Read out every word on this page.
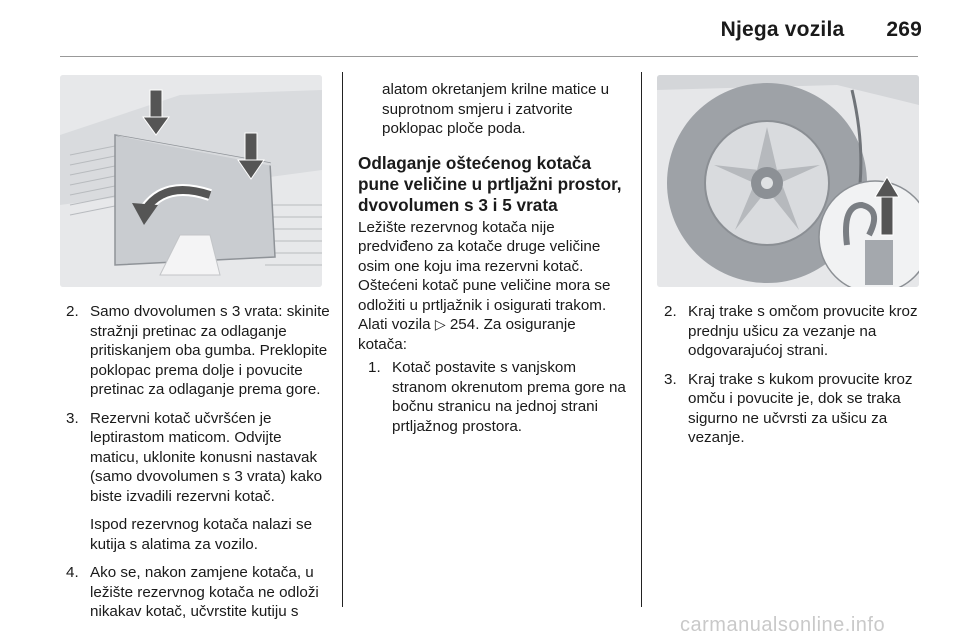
Njega vozila 269
2. Samo dvovolumen s 3 vrata: skinite stražnji pretinac za odlaganje pritiskanjem oba gumba. Preklopite poklopac prema dolje i povucite pretinac za odlaganje prema gore.
3. Rezervni kotač učvršćen je leptirastom maticom. Odvijte maticu, uklonite konusni nastavak (samo dvovolumen s 3 vrata) kako biste izvadili rezervni kotač.
Ispod rezervnog kotača nalazi se kutija s alatima za vozilo.
4. Ako se, nakon zamjene kotača, u ležište rezervnog kotača ne odloži nikakav kotač, učvrstite kutiju s
alatom okretanjem krilne matice u suprotnom smjeru i zatvorite poklopac ploče poda.
Odlaganje oštećenog kotača pune veličine u prtljažni prostor, dvovolumen s 3 i 5 vrata

Ležište rezervnog kotača nije

predviđeno za kotače druge veličine

osim one koju ima rezervni kotač.

Oštećeni kotač pune veličine mora se

odložiti u prtljažnik i osigurati trakom.

Alati vozila ▷ 254. Za osiguranje

kotača:

1. Kotač postavite s vanjskom stranom okrenutom prema gore na bočnu stranicu na jednoj strani prtljažnog prostora.
2. Kraj trake s omčom provucite kroz prednju ušicu za vezanje na odgovarajućoj strani.
3. Kraj trake s kukom provucite kroz omču i povucite je, dok se traka sigurno ne učvrsti za ušicu za vezanje.
carmanualsonline.info
